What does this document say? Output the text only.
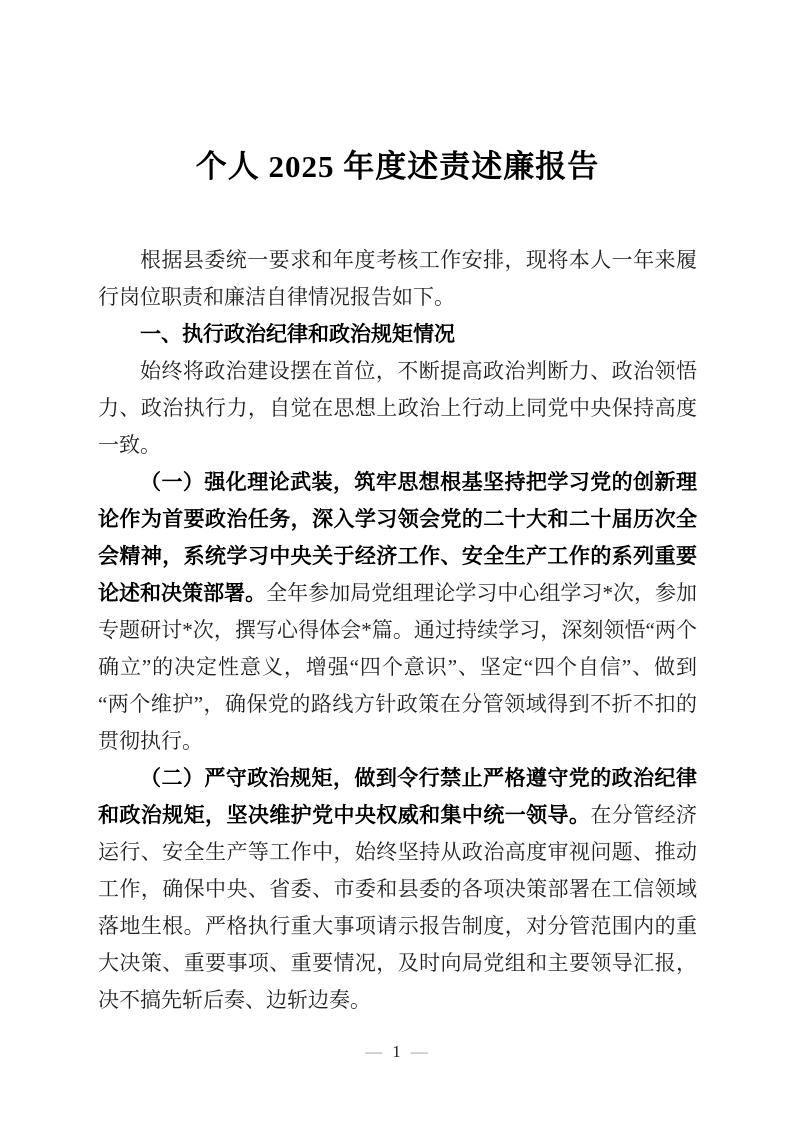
个人 2025 年度述责述廉报告

根据县委统一要求和年度考核工作安排，现将本人一年来履行岗位职责和廉洁自律情况报告如下。

一、执行政治纪律和政治规矩情况

始终将政治建设摆在首位，不断提高政治判断力、政治领悟力、政治执行力，自觉在思想上政治上行动上同党中央保持高度一致。

（一）强化理论武装，筑牢思想根基坚持把学习党的创新理论作为首要政治任务，深入学习领会党的二十大和二十届历次全会精神，系统学习中央关于经济工作、安全生产工作的系列重要论述和决策部署。全年参加局党组理论学习中心组学习*次，参加专题研讨*次，撰写心得体会*篇。通过持续学习，深刻领悟“两个确立”的决定性意义，增强“四个意识”、坚定“四个自信”、做到“两个维护”，确保党的路线方针政策在分管领域得到不折不扣的贯彻执行。

（二）严守政治规矩，做到令行禁止严格遵守党的政治纪律和政治规矩，坚决维护党中央权威和集中统一领导。在分管经济运行、安全生产等工作中，始终坚持从政治高度审视问题、推动工作，确保中央、省委、市委和县委的各项决策部署在工信领域落地生根。严格执行重大事项请示报告制度，对分管范围内的重大决策、重要事项、重要情况，及时向局党组和主要领导汇报，决不搞先斩后奏、边斩边奏。

— 1 —
